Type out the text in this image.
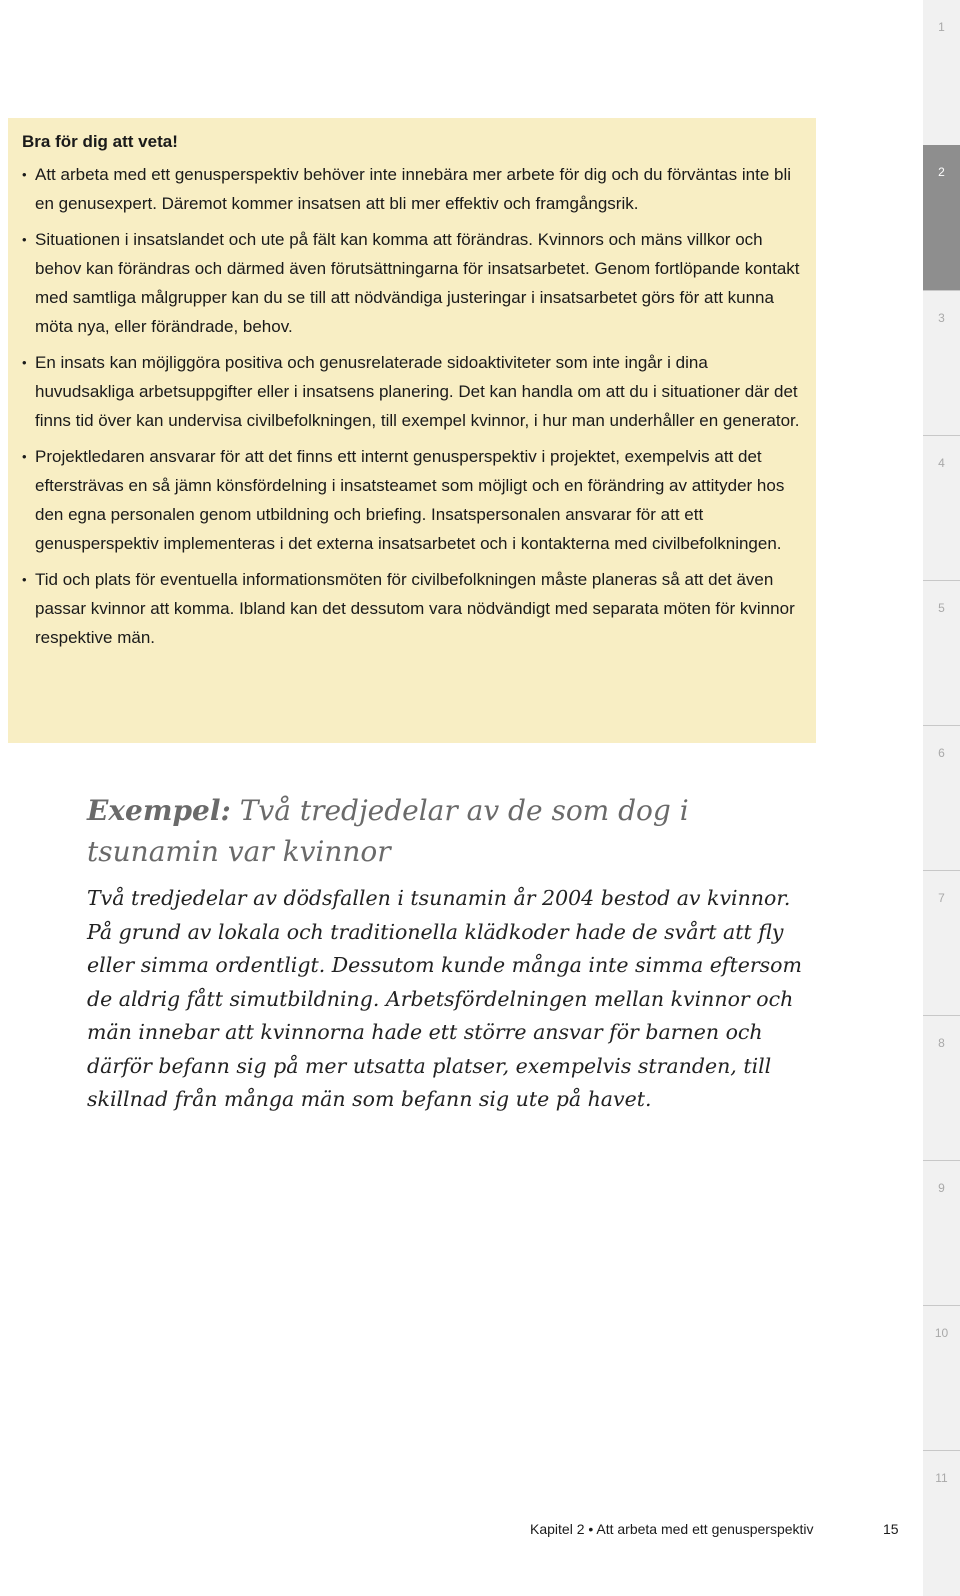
1
2
3
4
5
6
7
8
9
10
11
Bra för dig att veta!
• Att arbeta med ett genusperspektiv behöver inte innebära mer arbete för dig och du förväntas inte bli en genusexpert. Däremot kommer insatsen att bli mer effektiv och framgångsrik.
• Situationen i insatslandet och ute på fält kan komma att förändras. Kvinnors och mäns villkor och behov kan förändras och därmed även förutsättningarna för insatsarbetet. Genom fortlöpande kontakt med samtliga målgrupper kan du se till att nödvändiga justeringar i insatsarbetet görs för att kunna möta nya, eller förändrade, behov.
• En insats kan möjliggöra positiva och genusrelaterade sidoaktiviteter som inte ingår i dina huvudsakliga arbetsuppgifter eller i insatsens planering. Det kan handla om att du i situationer där det finns tid över kan undervisa civilbefolkningen, till exempel kvinnor, i hur man underhåller en generator.
• Projektledaren ansvarar för att det finns ett internt genusperspektiv i projektet, exempelvis att det eftersträvas en så jämn könsfördelning i insatsteamet som möjligt och en förändring av attityder hos den egna personalen genom utbildning och briefing. Insatspersonalen ansvarar för att ett genusperspektiv implementeras i det externa insatsarbetet och i kontakterna med civilbefolkningen.
• Tid och plats för eventuella informationsmöten för civilbefolkningen måste planeras så att det även passar kvinnor att komma. Ibland kan det dessutom vara nödvändigt med separata möten för kvinnor respektive män.
Exempel: Två tredjedelar av de som dog i tsunamin var kvinnor

Två tredjedelar av dödsfallen i tsunamin år 2004 bestod av kvinnor. På grund av lokala och traditionella klädkoder hade de svårt att fly eller simma ordentligt. Dessutom kunde många inte simma eftersom de aldrig fått simutbildning. Arbetsfördelningen mellan kvinnor och män innebar att kvinnorna hade ett större ansvar för barnen och därför befann sig på mer utsatta platser, exempelvis stranden, till skillnad från många män som befann sig ute på havet.

Kapitel 2 • Att arbeta med ett genusperspektiv	15
